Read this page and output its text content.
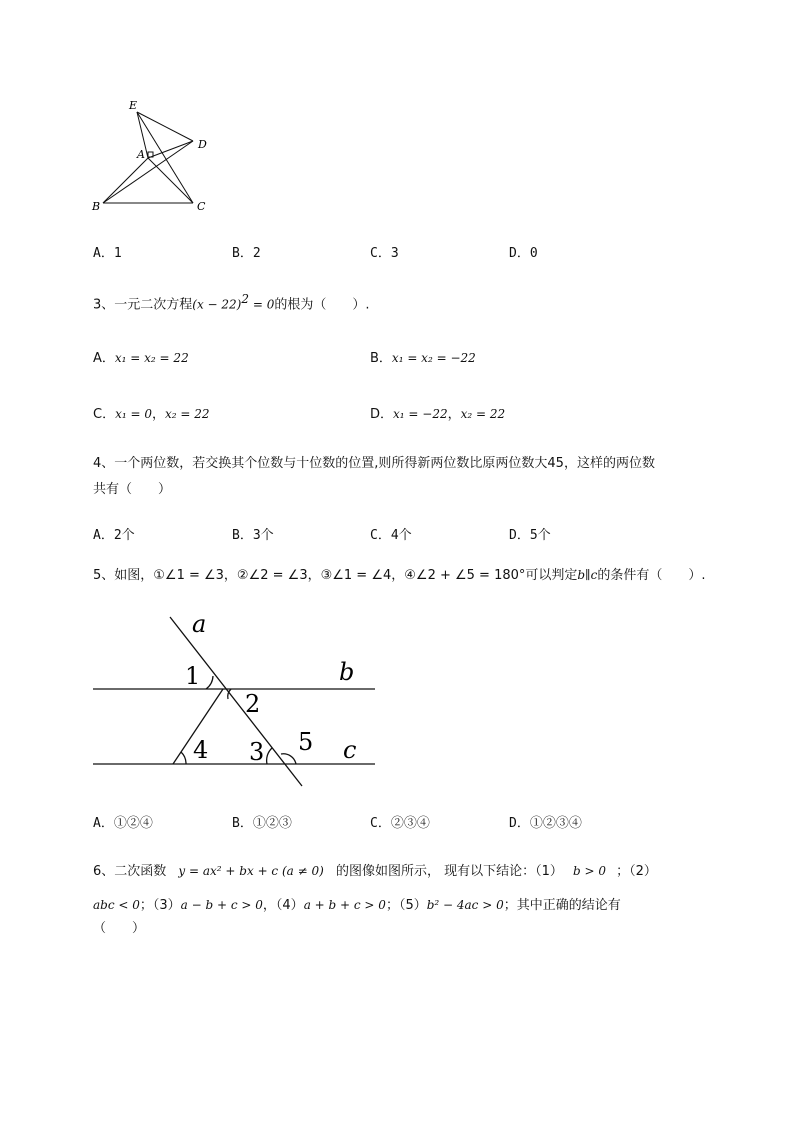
E
D
A
B	C
A．1	B．2	C．3	D．0
3、一元二次方程$(x - 22)^2 = 0$的根为（　　）.
A．x₁ = x₂ = 22	B．x₁ = x₂ = −22
C．x₁ = 0，x₂ = 22	D．x₁ = −22，x₂ = 22
4、一个两位数，若交换其个位数与十位数的位置,则所得新两位数比原两位数大45，这样的两位数
共有（　　）
A．2个	B．3个	C．4个	D．5个
5、如图，①∠1 = ∠3，②∠2 = ∠3，③∠1 = ∠4，④∠2 + ∠5 = 180°可以判定b∥c的条件有（　　）.
a
b
c
1
2
3
4	5
A．①②④	B．①②③	C．②③④	D．①②③④
6、二次函数 y = ax² + bx + c (a ≠ 0) 的图像如图所示， 现有以下结论：（1） b > 0 ；（2）
abc < 0；（3）a − b + c > 0，（4）a + b + c > 0；（5）b² − 4ac > 0；其中正确的结论有
（　　）
